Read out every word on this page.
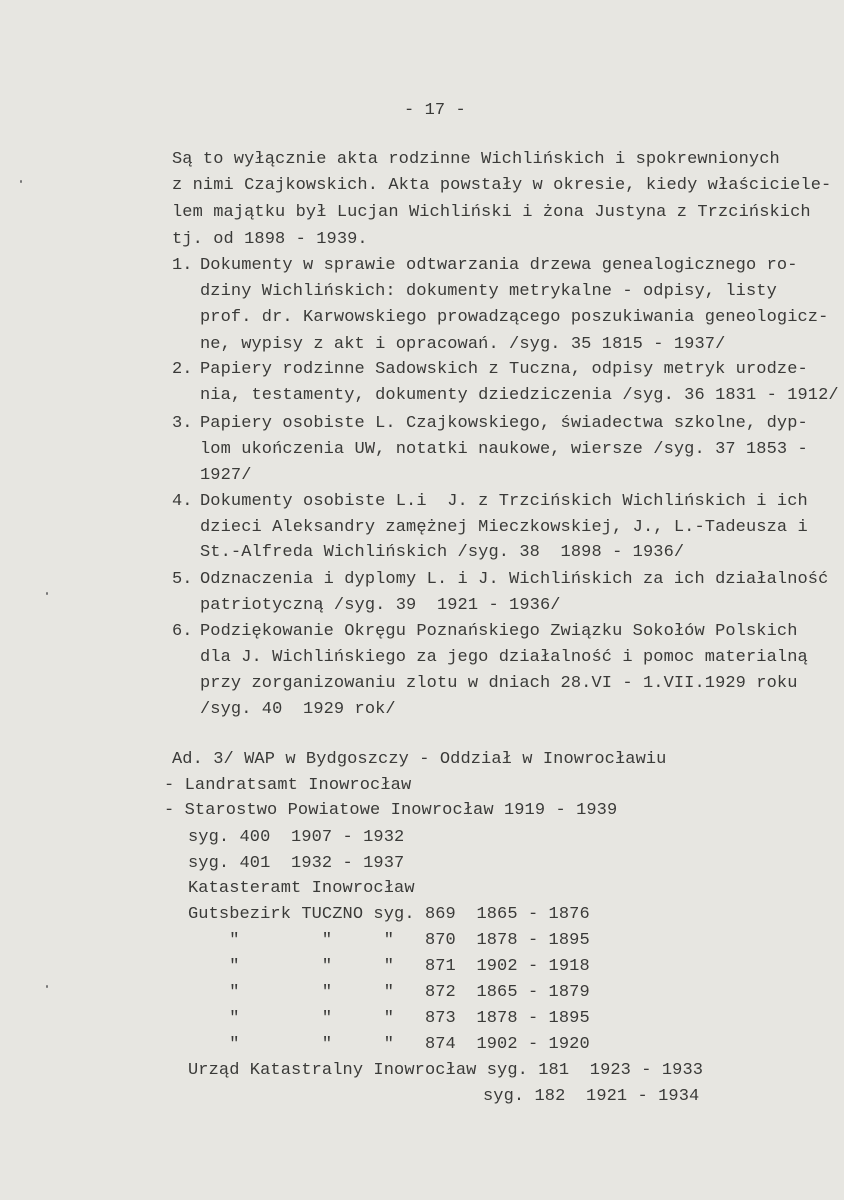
- 17 -
Są to wyłącznie akta rodzinne Wichlińskich i spokrewnionych
z nimi Czajkowskich. Akta powstały w okresie, kiedy właściciele-
lem majątku był Lucjan Wichliński i żona Justyna z Trzcińskich
tj. od 1898 - 1939.
1. Dokumenty w sprawie odtwarzania drzewa genealogicznego ro-
dziny Wichlińskich: dokumenty metrykalne - odpisy, listy
prof. dr. Karwowskiego prowadzącego poszukiwania geneologicz-
ne, wypisy z akt i opracowań. /syg. 35 1815 - 1937/
2. Papiery rodzinne Sadowskich z Tuczna, odpisy metryk urodze-
nia, testamenty, dokumenty dziedziczenia /syg. 36 1831 - 1912/
3. Papiery osobiste L. Czajkowskiego, świadectwa szkolne, dyp-
lom ukończenia UW, notatki naukowe, wiersze /syg. 37 1853 -
1927/
4. Dokumenty osobiste L.i  J. z Trzcińskich Wichlińskich i ich
dzieci Aleksandry zamężnej Mieczkowskiej, J., L.-Tadeusza i
St.-Alfreda Wichlińskich /syg. 38  1898 - 1936/
5. Odznaczenia i dyplomy L. i J. Wichlińskich za ich działalność
patriotyczną /syg. 39  1921 - 1936/
6. Podziękowanie Okręgu Poznańskiego Związku Sokołów Polskich
dla J. Wichlińskiego za jego działalność i pomoc materialną
przy zorganizowaniu zlotu w dniach 28.VI - 1.VII.1929 roku
/syg. 40  1929 rok/
Ad. 3/ WAP w Bydgoszczy - Oddział w Inowrocławiu
- Landratsamt Inowrocław
- Starostwo Powiatowe Inowrocław 1919 - 1939
syg. 400  1907 - 1932
syg. 401  1932 - 1937
Katasteramt Inowrocław
Gutsbezirk TUCZNO syg. 869  1865 - 1876
"        "     "   870  1878 - 1895
"        "     "   871  1902 - 1918
"        "     "   872  1865 - 1879
"        "     "   873  1878 - 1895
"        "     "   874  1902 - 1920
Urząd Katastralny Inowrocław syg. 181  1923 - 1933
syg. 182  1921 - 1934
